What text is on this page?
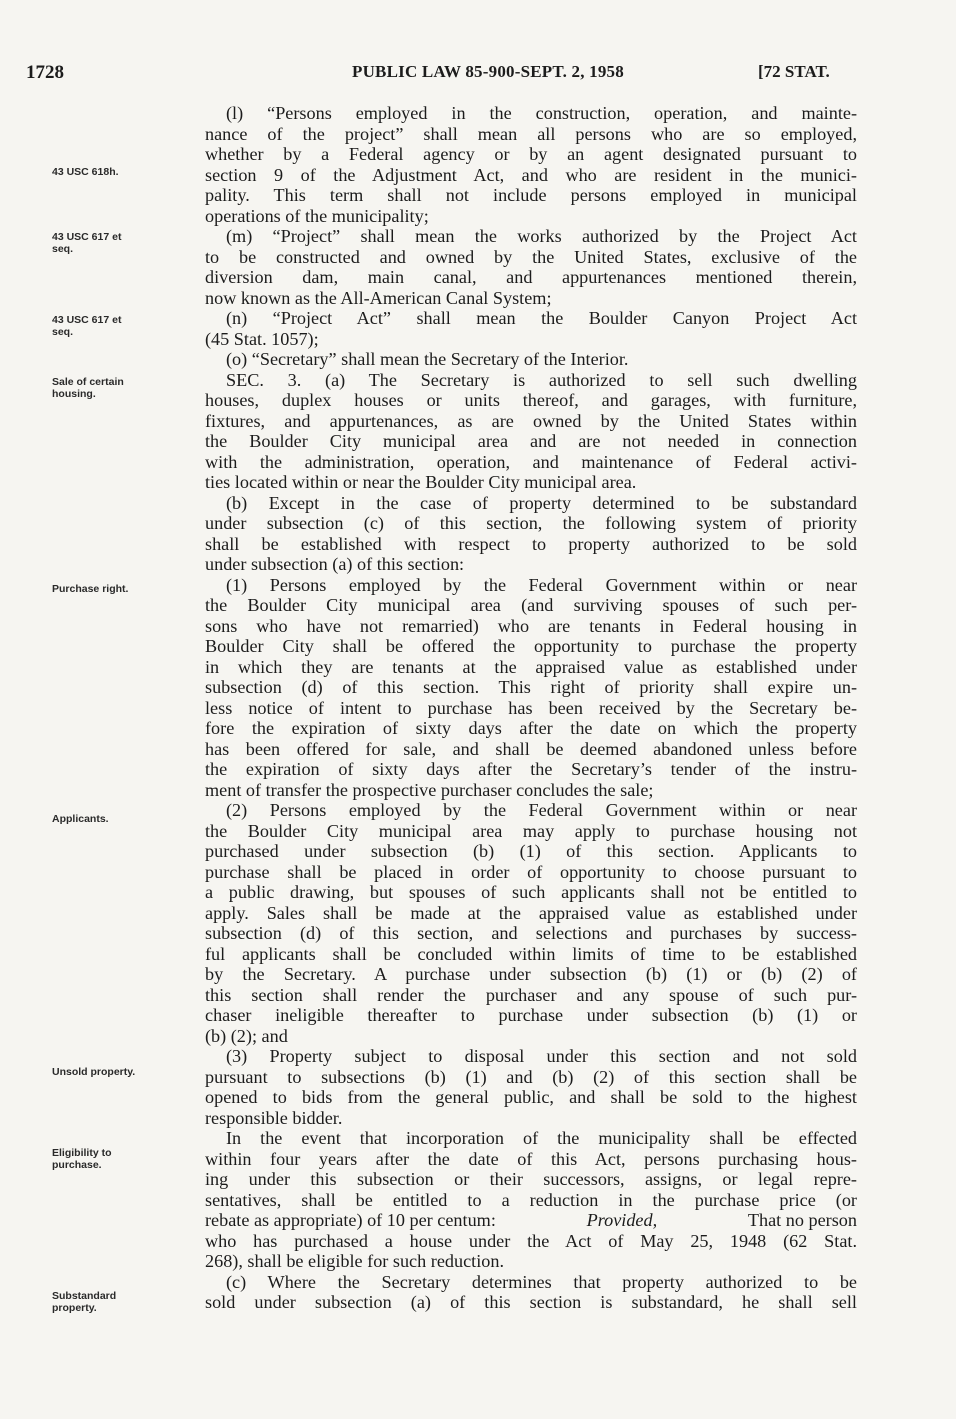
1728	PUBLIC LAW 85-900-SEPT. 2, 1958	[72 STAT.
43 USC 618h.
43 USC 617 et
seq.
43 USC 617 et
seq.
Sale of certain
housing.
Purchase right.
Applicants.
Unsold property.
Eligibility to
purchase.
Substandard
property.
(l) “Persons employed in the construction, operation, and mainte-
nance of the project” shall mean all persons who are so employed,
whether by a Federal agency or by an agent designated pursuant to
section 9 of the Adjustment Act, and who are resident in the munici-
pality. This term shall not include persons employed in municipal
operations of the municipality;
(m) “Project” shall mean the works authorized by the Project Act
to be constructed and owned by the United States, exclusive of the
diversion dam, main canal, and appurtenances mentioned therein,
now known as the All-American Canal System;
(n) “Project Act” shall mean the Boulder Canyon Project Act
(45 Stat. 1057);
(o) “Secretary” shall mean the Secretary of the Interior.
SEC. 3. (a) The Secretary is authorized to sell such dwelling
houses, duplex houses or units thereof, and garages, with furniture,
fixtures, and appurtenances, as are owned by the United States within
the Boulder City municipal area and are not needed in connection
with the administration, operation, and maintenance of Federal activi-
ties located within or near the Boulder City municipal area.
(b) Except in the case of property determined to be substandard
under subsection (c) of this section, the following system of priority
shall be established with respect to property authorized to be sold
under subsection (a) of this section:
(1) Persons employed by the Federal Government within or near
the Boulder City municipal area (and surviving spouses of such per-
sons who have not remarried) who are tenants in Federal housing in
Boulder City shall be offered the opportunity to purchase the property
in which they are tenants at the appraised value as established under
subsection (d) of this section. This right of priority shall expire un-
less notice of intent to purchase has been received by the Secretary be-
fore the expiration of sixty days after the date on which the property
has been offered for sale, and shall be deemed abandoned unless before
the expiration of sixty days after the Secretary’s tender of the instru-
ment of transfer the prospective purchaser concludes the sale;
(2) Persons employed by the Federal Government within or near
the Boulder City municipal area may apply to purchase housing not
purchased under subsection (b) (1) of this section. Applicants to
purchase shall be placed in order of opportunity to choose pursuant to
a public drawing, but spouses of such applicants shall not be entitled to
apply. Sales shall be made at the appraised value as established under
subsection (d) of this section, and selections and purchases by success-
ful applicants shall be concluded within limits of time to be established
by the Secretary. A purchase under subsection (b) (1) or (b) (2) of
this section shall render the purchaser and any spouse of such pur-
chaser ineligible thereafter to purchase under subsection (b) (1) or
(b) (2); and
(3) Property subject to disposal under this section and not sold
pursuant to subsections (b) (1) and (b) (2) of this section shall be
opened to bids from the general public, and shall be sold to the highest
responsible bidder.
In the event that incorporation of the municipality shall be effected
within four years after the date of this Act, persons purchasing hous-
ing under this subsection or their successors, assigns, or legal repre-
sentatives, shall be entitled to a reduction in the purchase price (or
rebate as appropriate) of 10 per centum:	Provided,	That no person
who has purchased a house under the Act of May 25, 1948 (62 Stat.
268), shall be eligible for such reduction.
(c) Where the Secretary determines that property authorized to be
sold under subsection (a) of this section is substandard, he shall sell
